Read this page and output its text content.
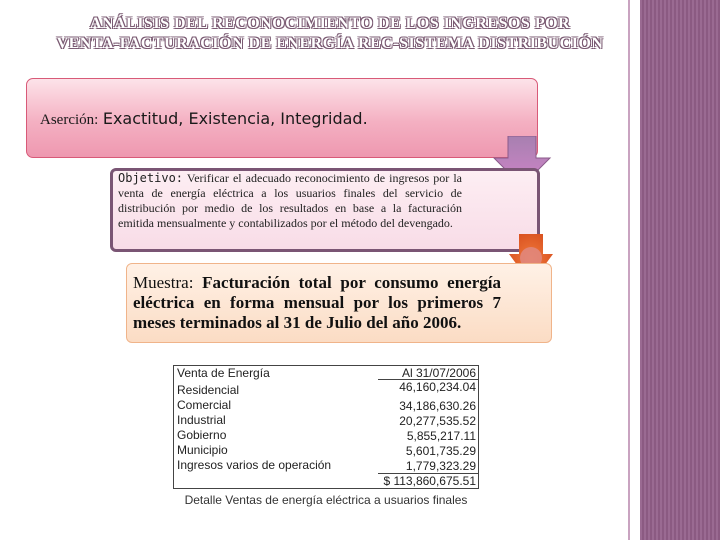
ANÁLISIS DEL RECONOCIMIENTO DE LOS INGRESOS POR
VENTA-FACTURACIÓN DE ENERGÍA REC-SISTEMA DISTRIBUCIÓN
Aserción: Exactitud, Existencia, Integridad.
Objetivo: Verificar el adecuado reconocimiento de ingresos por la venta de energía eléctrica a los usuarios finales del servicio de distribución por medio de los resultados en base a la facturación emitida mensualmente y contabilizados por el método del devengado.
Muestra: Facturación total por consumo energía eléctrica en forma mensual por los primeros 7 meses terminados al 31 de Julio del año 2006.
Venta de Energía	Al 31/07/2006
Residencial	46,160,234.04
Comercial	34,186,630.26
Industrial	20,277,535.52
Gobierno	5,855,217.11
Municipio	5,601,735.29
Ingresos varios de operación	1,779,323.29
$ 113,860,675.51
Detalle Ventas de energía eléctrica a usuarios finales
